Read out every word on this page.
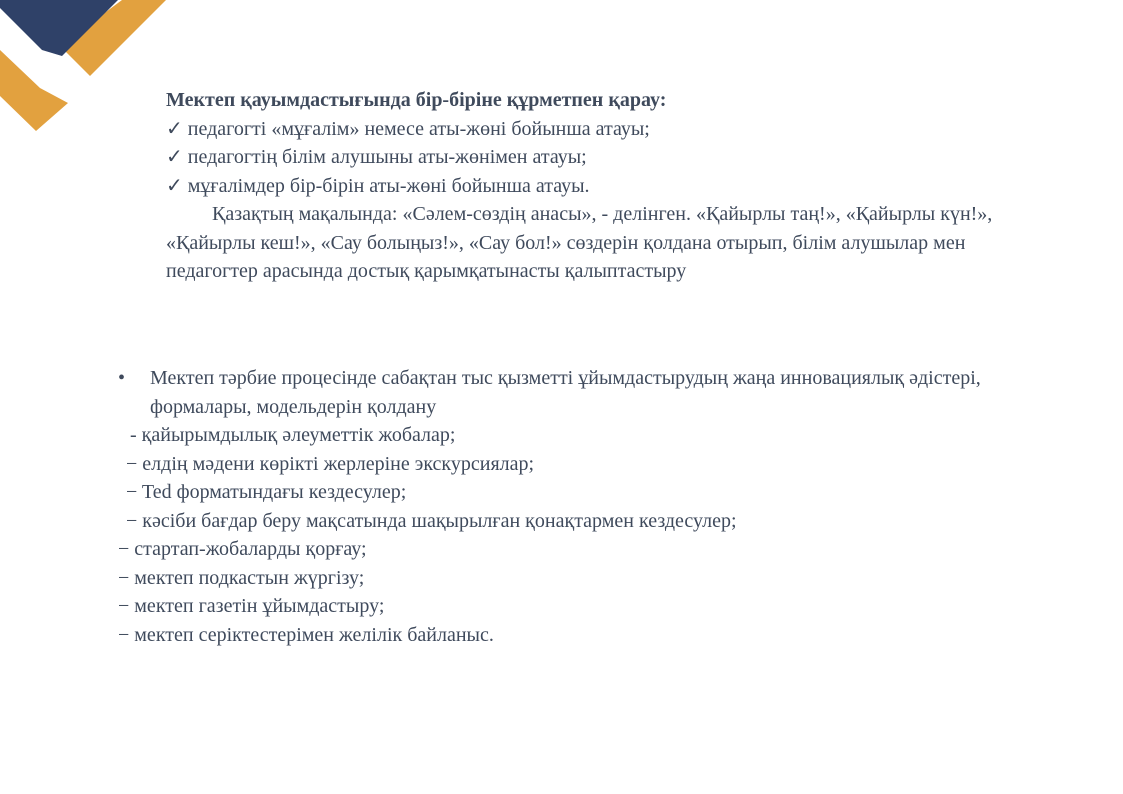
Мектеп қауымдастығында бір-біріне құрметпен қарау:
✓ педагогті «мұғалім» немесе аты-жөні бойынша атауы;
✓ педагогтің білім алушыны аты-жөнімен атауы;
✓ мұғалімдер бір-бірін аты-жөні бойынша атауы.
Қазақтың мақалында: «Сәлем-сөздің анасы», - делінген. «Қайырлы таң!», «Қайырлы күн!», «Қайырлы кеш!», «Сау болыңыз!», «Сау бол!» сөздерін қолдана отырып, білім алушылар мен педагогтер арасында достық қарымқатынасты қалыптастыру
•	Мектеп тәрбие процесінде сабақтан тыс қызметті ұйымдастырудың жаңа инновациялық әдістері, формалары, модельдерін қолдану
- қайырымдылық әлеуметтік жобалар;
− елдің мәдени көрікті жерлеріне экскурсиялар;
− Ted форматындағы кездесулер;
− кәсіби бағдар беру мақсатында шақырылған қонақтармен кездесулер;
− стартап-жобаларды қорғау;
− мектеп подкастын жүргізу;
− мектеп газетін ұйымдастыру;
− мектеп серіктестерімен желілік байланыс.
